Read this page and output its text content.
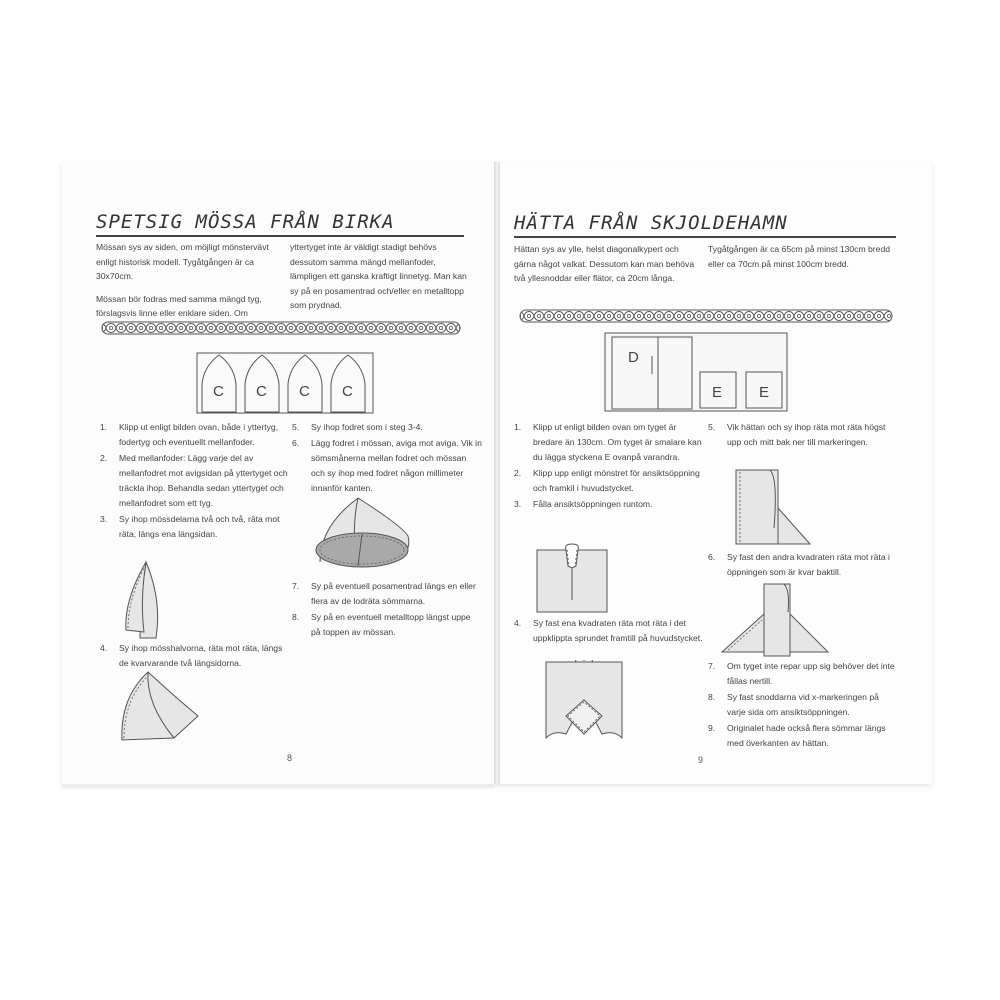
SPETSIG MÖSSA FRÅN BIRKA

Mössan sys av siden, om möjligt mönstervävt enligt historisk modell. Tygåtgången är ca 30x70cm.

Mössan bör fodras med samma mängd tyg, förslagsvis linne eller enklare siden. Om

yttertyget inte är väldigt stadigt behövs dessutom samma mängd mellanfoder, lämpligen ett ganska kraftigt linnetyg. Man kan sy på en posamentrad och/eller en metalltopp som prydnad.

C C C C
1. Klipp ut enligt bilden ovan, både i yttertyg, fodertyg och eventuellt mellanfoder.
2. Med mellanfoder: Lägg varje del av mellanfodret mot avigsidan på yttertyget och träckla ihop. Behandla sedan yttertyget och mellanfodret som ett tyg.
3. Sy ihop mössdelarna två och två, räta mot räta, längs ena längsidan.
4. Sy ihop mösshalvorna, räta mot räta, längs de kvarvarande två längsidorna.
5. Sy ihop fodret som i steg 3-4.
6. Lägg fodret i mössan, aviga mot aviga. Vik in sömsmånerna mellan fodret och mössan och sy ihop med fodret någon millimeter innanför kanten.
7. Sy på eventuell posamentrad längs en eller flera av de lodräta sömmarna.
8. Sy på en eventuell metalltopp längst uppe på toppen av mössan.
8
HÄTTA FRÅN SKJOLDEHAMN

Hättan sys av ylle, helst diagonalkypert och gärna något valkat. Dessutom kan man behöva två yllesnoddar eller flätor, ca 20cm långa.

Tygåtgången är ca 65cm på minst 130cm bredd eller ca 70cm på minst 100cm bredd.

D
E E
1. Klipp ut enligt bilden ovan om tyget är bredare än 130cm. Om tyget är smalare kan du lägga styckena E ovanpå varandra.
2. Klipp upp enligt mönstret för ansiktsöppning och framkil i huvudstycket.
3. Fålla ansiktsöppningen runtom.
4. Sy fast ena kvadraten räta mot räta i det uppklippta sprundet framtill på huvudstycket.
5. Vik hättan och sy ihop räta mot räta högst upp och mitt bak ner till markeringen.
6. Sy fast den andra kvadraten räta mot räta i öppningen som är kvar baktill.
7. Om tyget inte repar upp sig behöver det inte fållas nertill.
8. Sy fast snoddarna vid x-markeringen på varje sida om ansiktsöppningen.
9. Originalet hade också flera sömmar längs med överkanten av hättan.
9
